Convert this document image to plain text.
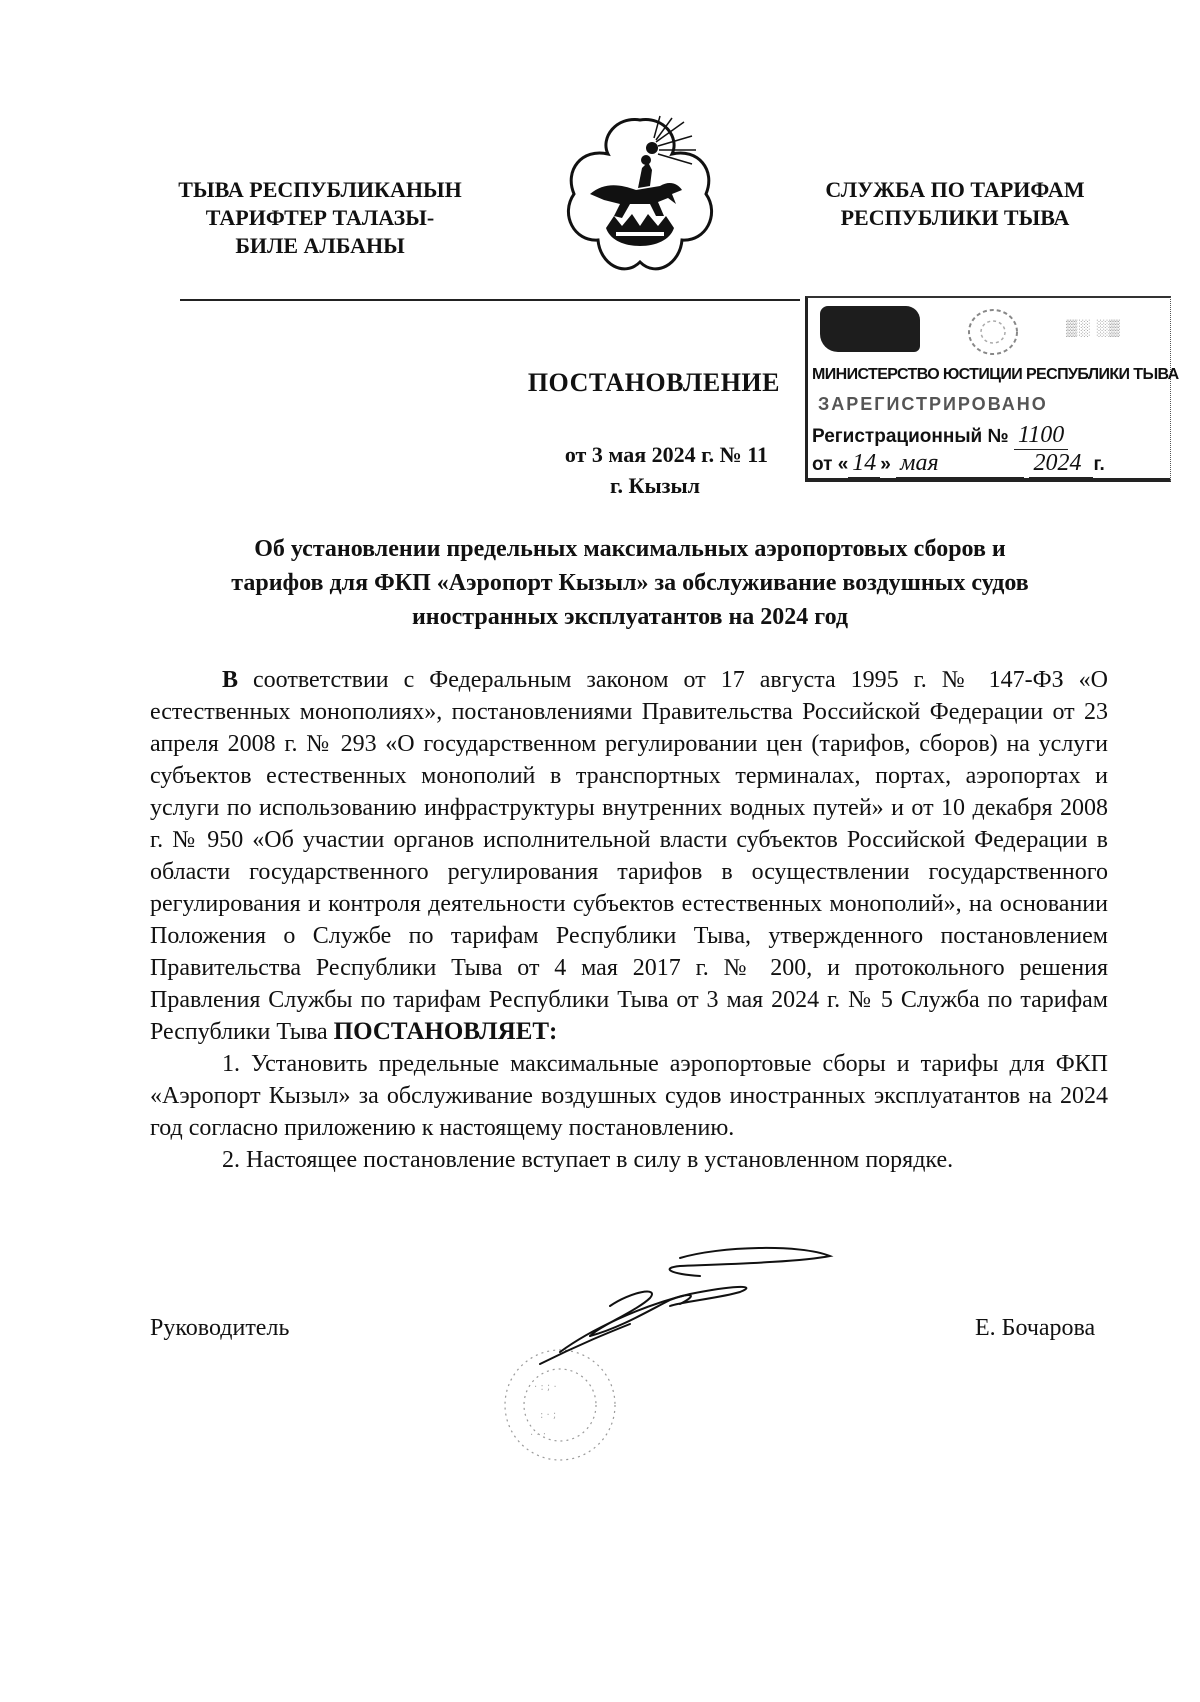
ТЫВА РЕСПУБЛИКАНЫН
ТАРИФТЕР ТАЛАЗЫ-
БИЛЕ АЛБАНЫ
СЛУЖБА ПО ТАРИФАМ
РЕСПУБЛИКИ ТЫВА
▒░ ░▒
МИНИСТЕРСТВО ЮСТИЦИИ РЕСПУБЛИКИ ТЫВА
ЗАРЕГИСТРИРОВАНО
Регистрационный № 1100
от « 14 » мая	2024 г.
ПОСТАНОВЛЕНИЕ
от 3 мая 2024 г. № 11
г. Кызыл
Об установлении предельных максимальных аэропортовых сборов и
тарифов для ФКП «Аэропорт Кызыл» за обслуживание воздушных судов
иностранных эксплуатантов на 2024 год

В соответствии с Федеральным законом от 17 августа 1995 г. № 147-ФЗ «О естественных монополиях», постановлениями Правительства Российской Федерации от 23 апреля 2008 г. № 293 «О государственном регулировании цен (тарифов, сборов) на услуги субъектов естественных монополий в транспортных терминалах, портах, аэропортах и услуги по использованию инфраструктуры внутренних водных путей» и от 10 декабря 2008 г. № 950 «Об участии органов исполнительной власти субъектов Российской Федерации в области государственного регулирования тарифов в осуществлении государственного регулирования и контроля деятельности субъектов естественных монополий», на основании Положения о Службе по тарифам Республики Тыва, утвержденного постановлением Правительства Республики Тыва от 4 мая 2017 г. № 200, и протокольного решения Правления Службы по тарифам Республики Тыва от 3 мая 2024 г. № 5 Служба по тарифам Республики Тыва ПОСТАНОВЛЯЕТ:

1. Установить предельные максимальные аэропортовые сборы и тарифы для ФКП «Аэропорт Кызыл» за обслуживание воздушных судов иностранных эксплуатантов на 2024 год согласно приложению к настоящему постановлению.

2. Настоящее постановление вступает в силу в установленном порядке.

Руководитель
· : ; ·
: · ;
· · :
Е. Бочарова
